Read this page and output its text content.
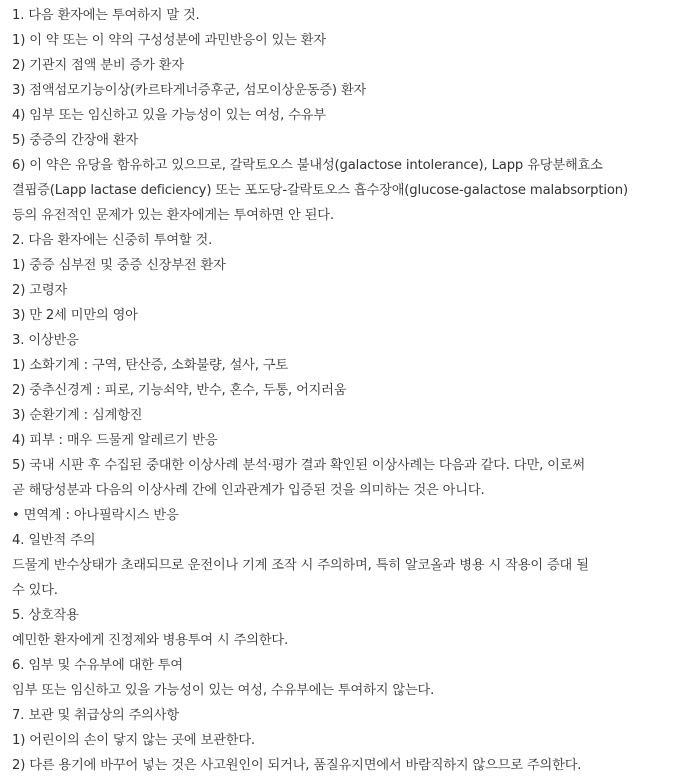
1. 다음 환자에는 투여하지 말 것.

1) 이 약 또는 이 약의 구성성분에 과민반응이 있는 환자

2) 기관지 점액 분비 증가 환자

3) 점액섬모기능이상(카르타게너증후군, 섬모이상운동증) 환자

4) 임부 또는 임신하고 있을 가능성이 있는 여성, 수유부

5) 중증의 간장애 환자

6) 이 약은 유당을 함유하고 있으므로, 갈락토오스 불내성(galactose intolerance), Lapp 유당분해효소

결핍증(Lapp lactase deficiency) 또는 포도당-갈락토오스 흡수장애(glucose-galactose malabsorption)

등의 유전적인 문제가 있는 환자에게는 투여하면 안 된다.

2. 다음 환자에는 신중히 투여할 것.

1) 중증 심부전 및 중증 신장부전 환자

2) 고령자

3) 만 2세 미만의 영아

3. 이상반응

1) 소화기계 : 구역, 탄산증, 소화불량, 설사, 구토

2) 중추신경계 : 피로, 기능쇠약, 반수, 혼수, 두통, 어지러움

3) 순환기계 : 심계항진

4) 피부 : 매우 드물게 알레르기 반응

5) 국내 시판 후 수집된 중대한 이상사례 분석·평가 결과 확인된 이상사례는 다음과 같다. 다만, 이로써

곧 해당성분과 다음의 이상사례 간에 인과관계가 입증된 것을 의미하는 것은 아니다.

• 면역계 : 아나필락시스 반응

4. 일반적 주의

드물게 반수상태가 초래되므로 운전이나 기계 조작 시 주의하며, 특히 알코올과 병용 시 작용이 증대 될

수 있다.

5. 상호작용

예민한 환자에게 진정제와 병용투여 시 주의한다.

6. 임부 및 수유부에 대한 투여

임부 또는 임신하고 있을 가능성이 있는 여성, 수유부에는 투여하지 않는다.

7. 보관 및 취급상의 주의사항

1) 어린이의 손이 닿지 않는 곳에 보관한다.

2) 다른 용기에 바꾸어 넣는 것은 사고원인이 되거나, 품질유지면에서 바람직하지 않으므로 주의한다.
